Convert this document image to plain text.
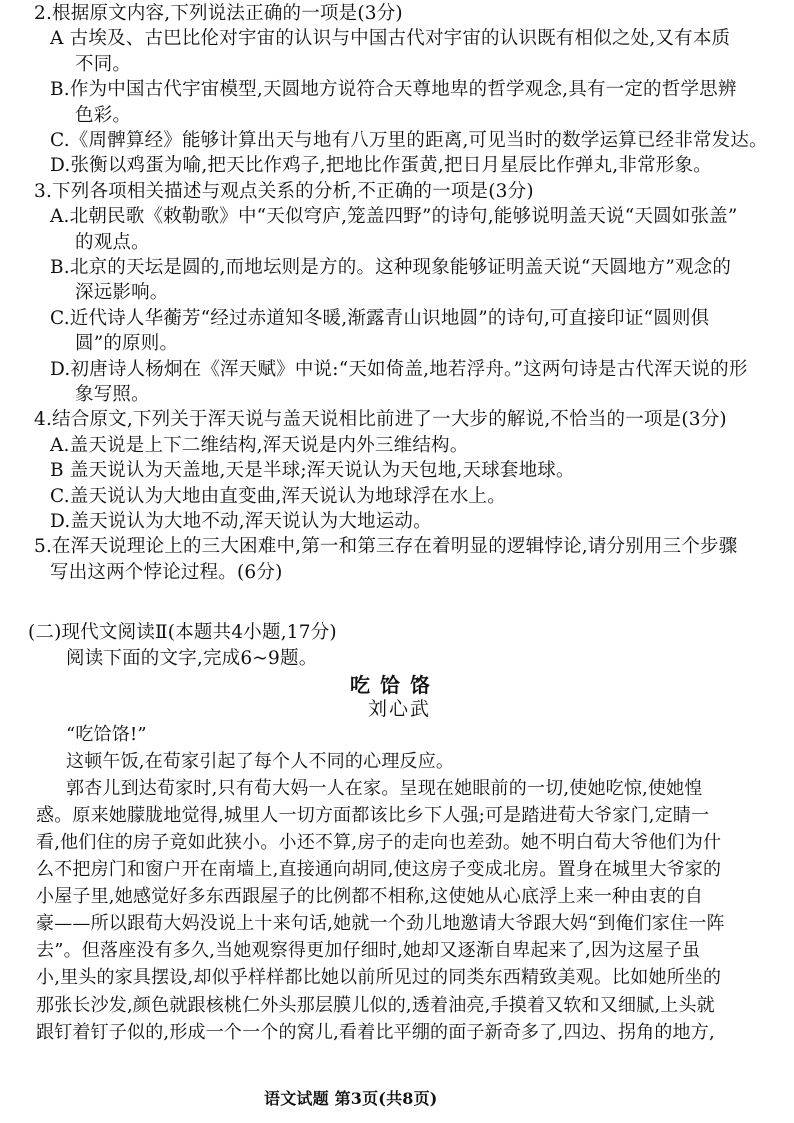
2.根据原文内容,下列说法正确的一项是(3分)
A 古埃及、古巴比伦对宇宙的认识与中国古代对宇宙的认识既有相似之处,又有本质
不同。
B.作为中国古代宇宙模型,天圆地方说符合天尊地卑的哲学观念,具有一定的哲学思辨
色彩。
C.《周髀算经》能够计算出天与地有八万里的距离,可见当时的数学运算已经非常发达。
D.张衡以鸡蛋为喻,把天比作鸡子,把地比作蛋黄,把日月星辰比作弹丸,非常形象。
3.下列各项相关描述与观点关系的分析,不正确的一项是(3分)
A.北朝民歌《敕勒歌》中“天似穹庐,笼盖四野”的诗句,能够说明盖天说“天圆如张盖”
的观点。
B.北京的天坛是圆的,而地坛则是方的。这种现象能够证明盖天说“天圆地方”观念的
深远影响。
C.近代诗人华蘅芳“经过赤道知冬暖,渐露青山识地圆”的诗句,可直接印证“圆则俱
圆”的原则。
D.初唐诗人杨炯在《浑天赋》中说:“天如倚盖,地若浮舟。”这两句诗是古代浑天说的形
象写照。
4.结合原文,下列关于浑天说与盖天说相比前进了一大步的解说,不恰当的一项是(3分)
A.盖天说是上下二维结构,浑天说是内外三维结构。
B 盖天说认为天盖地,天是半球;浑天说认为天包地,天球套地球。
C.盖天说认为大地由直变曲,浑天说认为地球浮在水上。
D.盖天说认为大地不动,浑天说认为大地运动。
5.在浑天说理论上的三大困难中,第一和第三存在着明显的逻辑悖论,请分别用三个步骤
写出这两个悖论过程。(6分)
(二)现代文阅读Ⅱ(本题共4小题,17分)
阅读下面的文字,完成6~9题。
吃饸饹
刘心武
“吃饸饹!”
这顿午饭,在荀家引起了每个人不同的心理反应。
郭杏儿到达荀家时,只有荀大妈一人在家。呈现在她眼前的一切,使她吃惊,使她惶
惑。原来她朦胧地觉得,城里人一切方面都该比乡下人强;可是踏进荀大爷家门,定睛一
看,他们住的房子竟如此狭小。小还不算,房子的走向也差劲。她不明白荀大爷他们为什
么不把房门和窗户开在南墙上,直接通向胡同,使这房子变成北房。置身在城里大爷家的
小屋子里,她感觉好多东西跟屋子的比例都不相称,这使她从心底浮上来一种由衷的自
豪——所以跟荀大妈没说上十来句话,她就一个劲儿地邀请大爷跟大妈“到俺们家住一阵
去”。但落座没有多久,当她观察得更加仔细时,她却又逐渐自卑起来了,因为这屋子虽
小,里头的家具摆设,却似乎样样都比她以前所见过的同类东西精致美观。比如她所坐的
那张长沙发,颜色就跟核桃仁外头那层膜儿似的,透着油亮,手摸着又软和又细腻,上头就
跟钉着钉子似的,形成一个一个的窝儿,看着比平绷的面子新奇多了,四边、拐角的地方,
语文试题 第3页(共8页)
